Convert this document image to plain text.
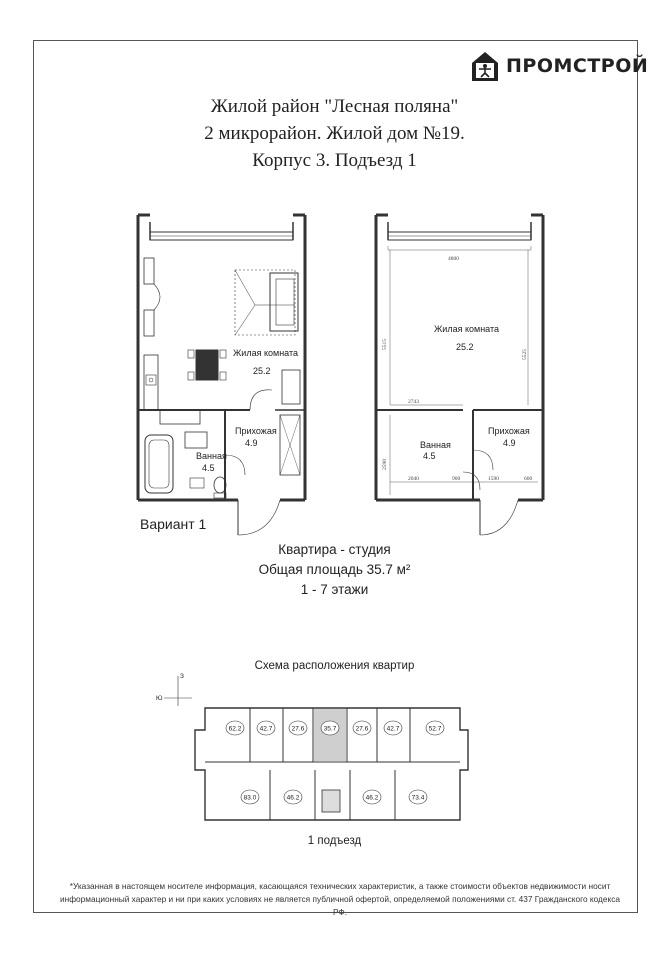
ПРОМСТРОЙ
Жилой район "Лесная поляна"
2 микрорайон. Жилой дом №19.
Корпус 3. Подъезд 1
Жилая комната
25.2
Прихожая
4.9
Ванная
4.5
4800
5515
5525
2743
2590
2040	900	1590	600
Жилая комната
25.2
Прихожая
4.9
Ванная
4.5
Вариант 1
Квартира - студия
Общая площадь 35.7 м²
1 - 7 этажи
Схема расположения квартир
З
Ю
62.2	42.7	27.6	35.7	27.6	42.7	52.7
83.0	46.2	46.2	73.4
1 подъезд
*Указанная в настоящем носителе информация, касающаяся технических характеристик, а также стоимости объектов недвижимости носит
информационный характер и ни при каких условиях не является публичной офертой, определяемой положениями ст. 437 Гражданского кодекса РФ.
